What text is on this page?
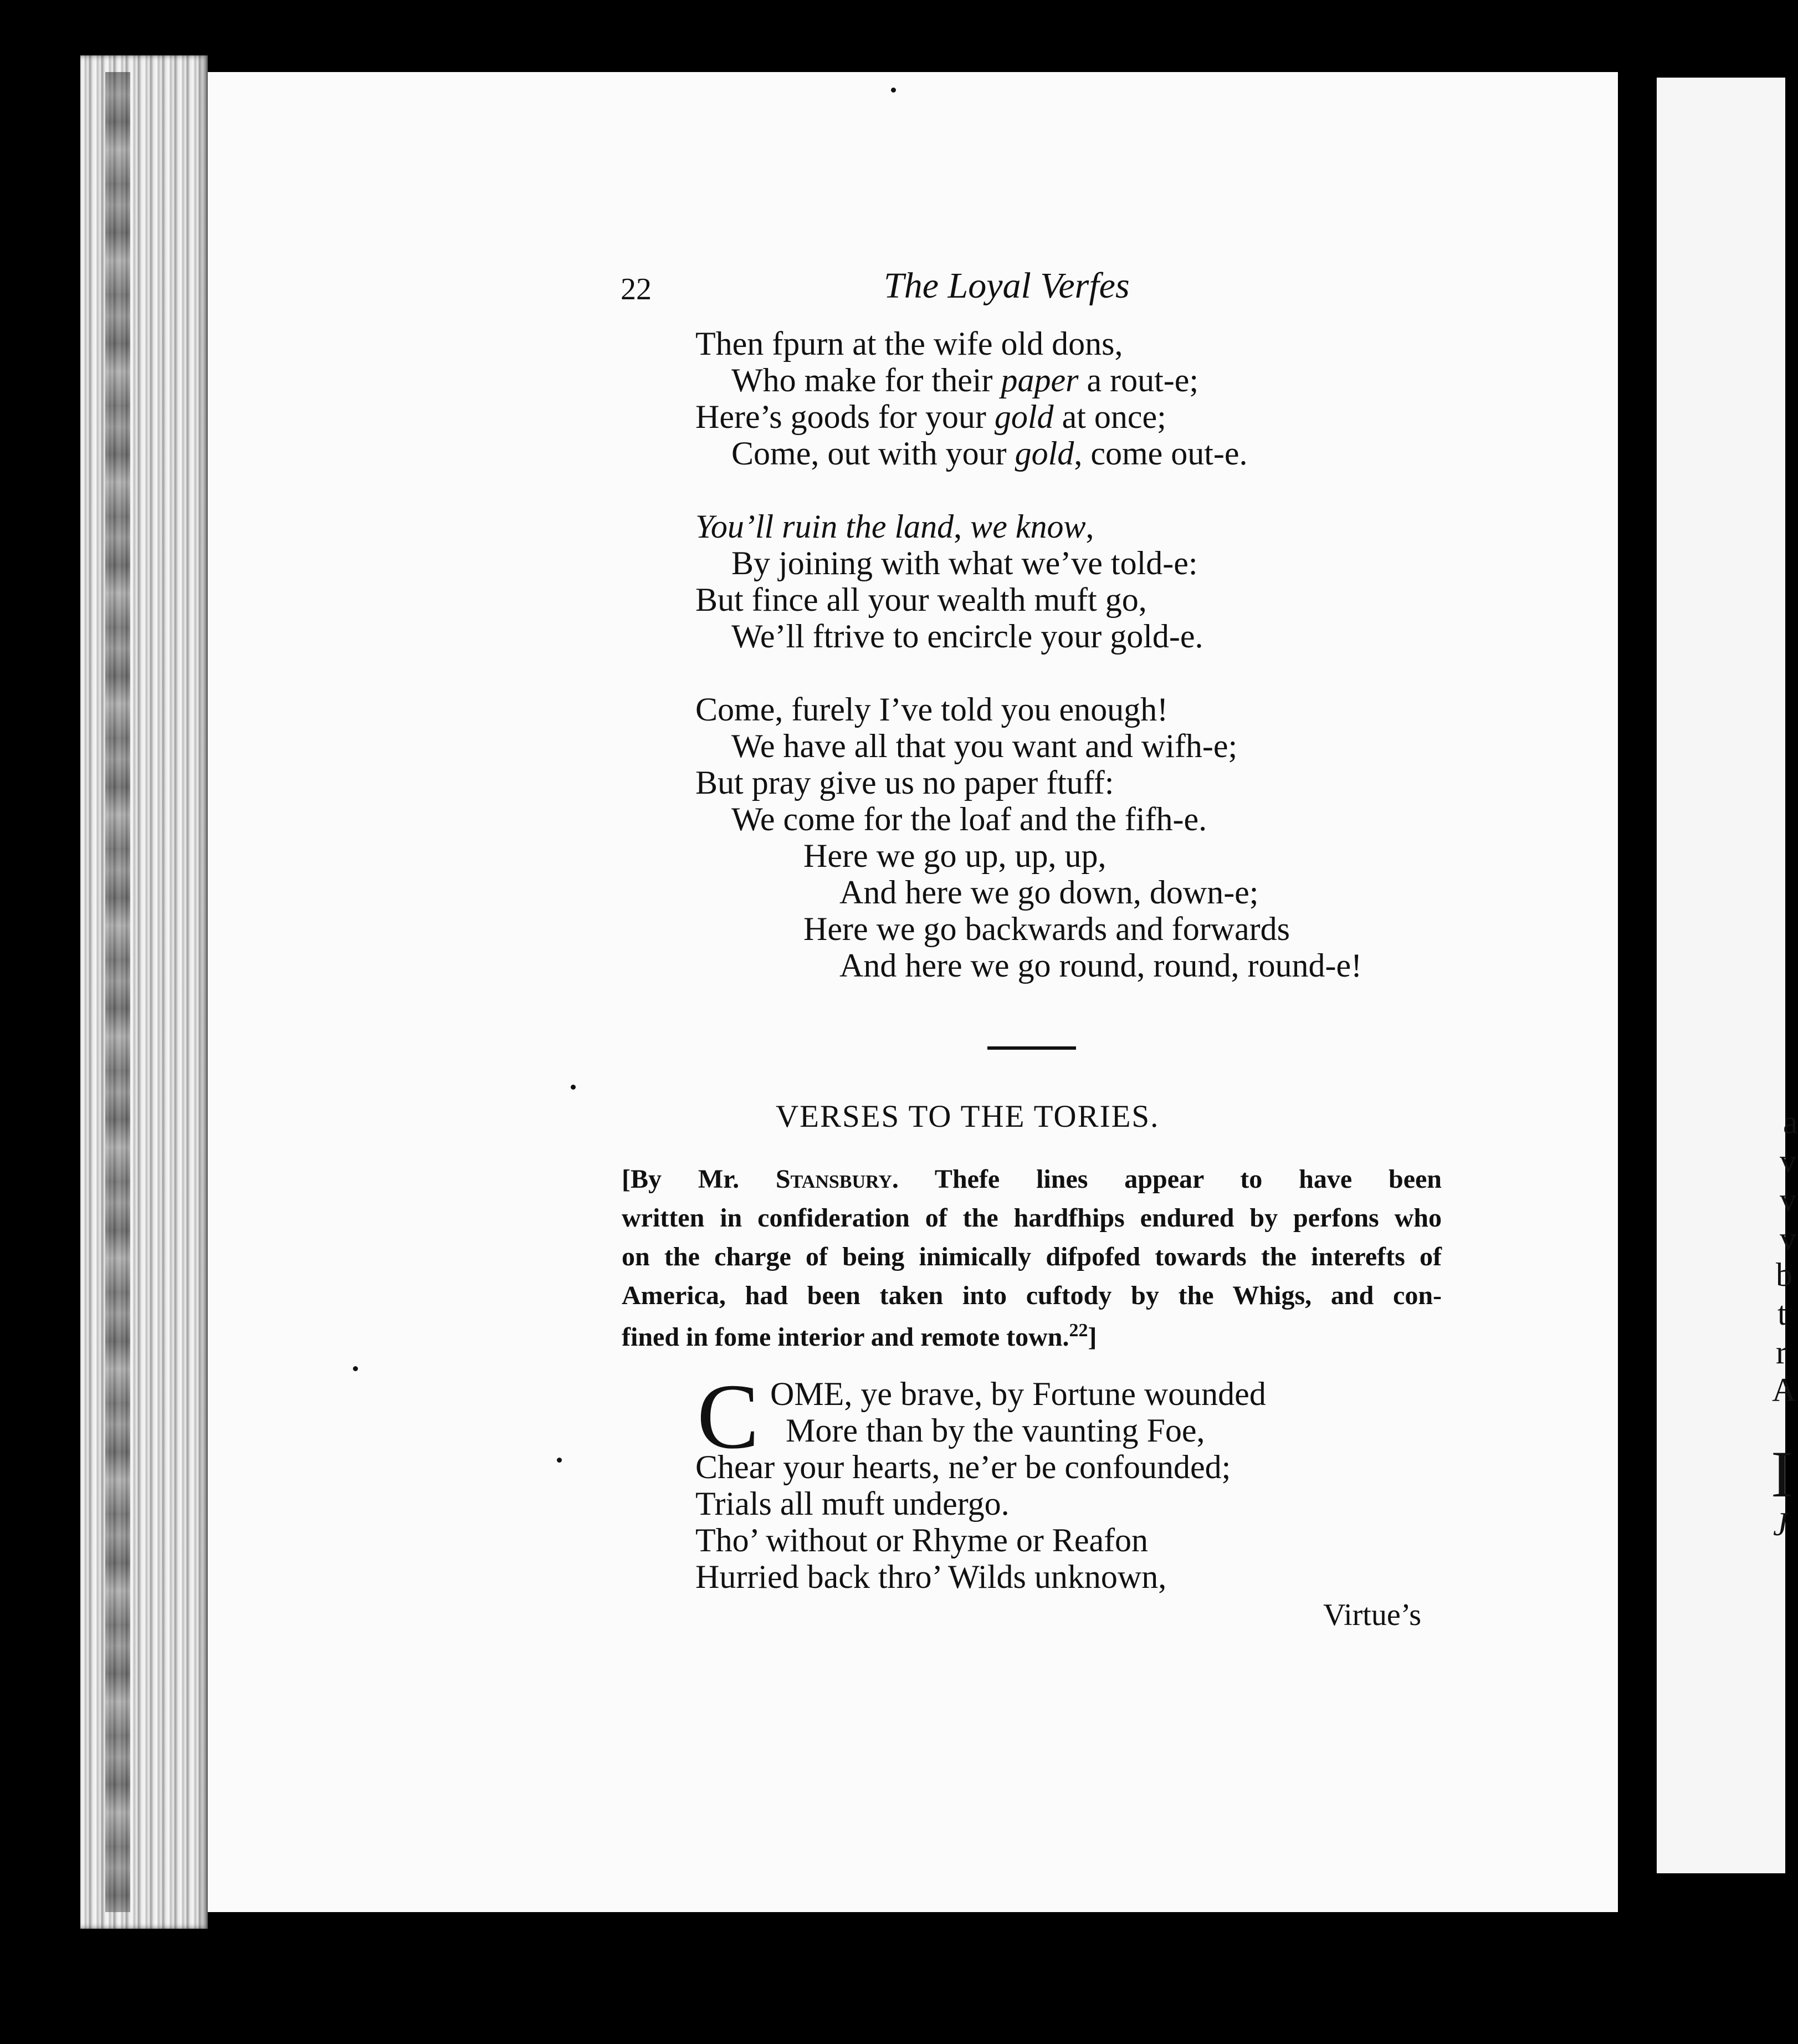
a
v
v
v
b
t
r
A
I
J
22	The Loyal Verfes
Then fpurn at the wife old dons,
Who make for their paper a rout-e;
Here’s goods for your gold at once;
Come, out with your gold, come out-e.
You’ll ruin the land, we know,
By joining with what we’ve told-e:
But fince all your wealth muft go,
We’ll ftrive to encircle your gold-e.
Come, furely I’ve told you enough!
We have all that you want and wifh-e;
But pray give us no paper ftuff:
We come for the loaf and the fifh-e.
Here we go up, up, up,
And here we go down, down-e;
Here we go backwards and forwards
And here we go round, round, round-e!
VERSES TO THE TORIES.
[By Mr. Stansbury. Thefe lines appear to have been
written in confideration of the hardfhips endured by perfons who
on the charge of being inimically difpofed towards the interefts of
America, had been taken into cuftody by the Whigs, and con-
fined in fome interior and remote town.$^{22}$]
C OME, ye brave, by Fortune wounded
More than by the vaunting Foe,
Chear your hearts, ne’er be confounded;
Trials all muft undergo.
Tho’ without or Rhyme or Reafon
Hurried back thro’ Wilds unknown,
Virtue’s
